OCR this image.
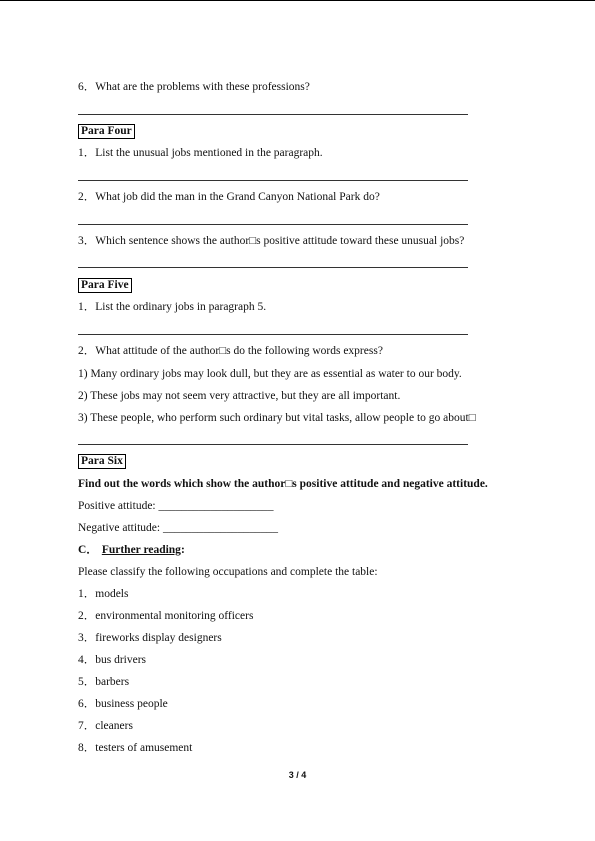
6．What are the problems with these professions?
Para Four
1．List the unusual jobs mentioned in the paragraph.
2．What job did the man in the Grand Canyon National Park do?
3．Which sentence shows the author□s positive attitude toward these unusual jobs?
Para Five
1．List the ordinary jobs in paragraph 5.
2．What attitude of the author□s do the following words express?
1) Many ordinary jobs may look dull, but they are as essential as water to our body.
2) These jobs may not seem very attractive, but they are all important.
3) These people, who perform such ordinary but vital tasks, allow people to go about□
Para Six
Find out the words which show the author□s positive attitude and negative attitude.
Positive attitude: ____________________
Negative attitude: ____________________
C． Further reading:
Please classify the following occupations and complete the table:
1．models
2．environmental monitoring officers
3．fireworks display designers
4．bus drivers
5．barbers
6．business people
7．cleaners
8．testers of amusement
3 / 4
